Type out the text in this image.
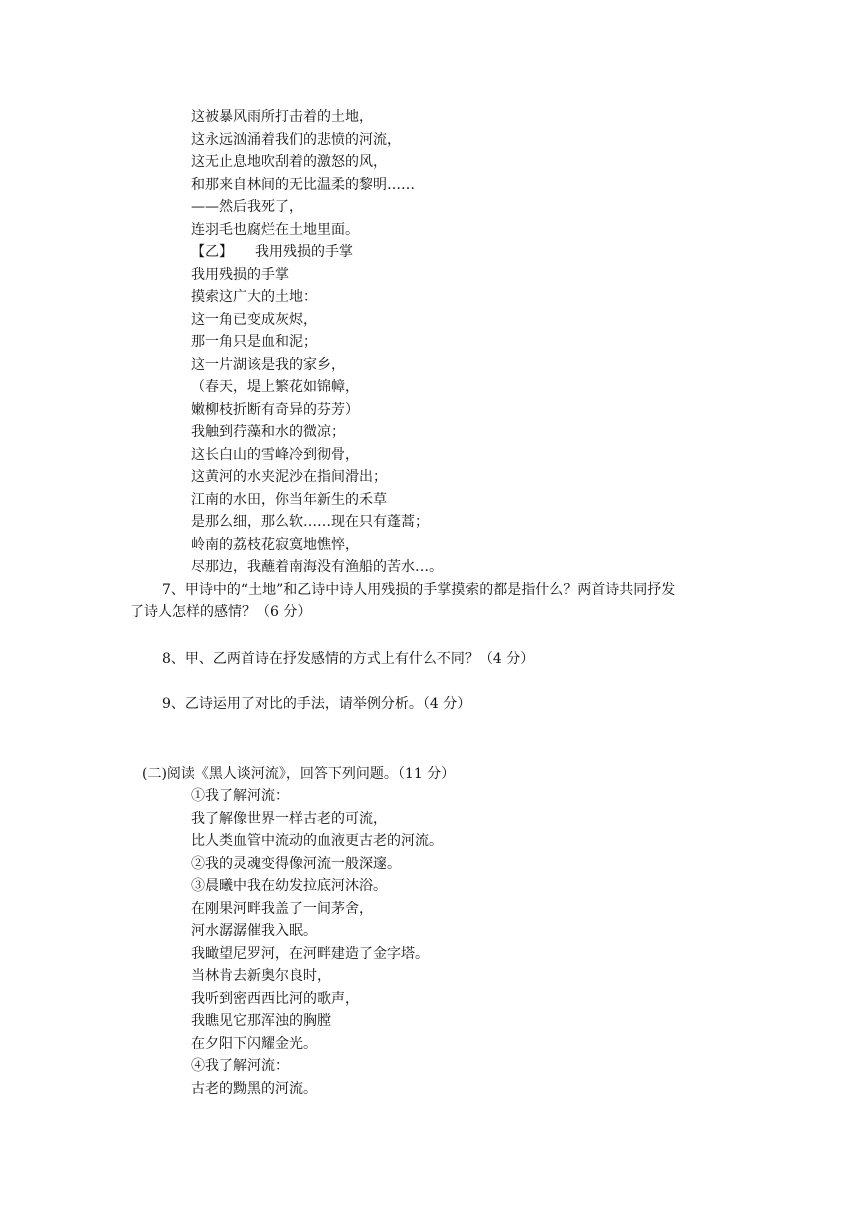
这被暴风雨所打击着的土地，
这永远汹涌着我们的悲愤的河流，
这无止息地吹刮着的激怒的风，
和那来自林间的无比温柔的黎明……
——然后我死了，
连羽毛也腐烂在土地里面。
【乙】 我用残损的手掌
我用残损的手掌
摸索这广大的土地：
这一角已变成灰烬，
那一角只是血和泥；
这一片湖该是我的家乡，
（春天，堤上繁花如锦幛，
嫩柳枝折断有奇异的芬芳）
我触到荇藻和水的微凉；
这长白山的雪峰冷到彻骨，
这黄河的水夹泥沙在指间滑出；
江南的水田，你当年新生的禾草
是那么细，那么软……现在只有蓬蒿；
岭南的荔枝花寂寞地憔悴，
尽那边，我蘸着南海没有渔船的苦水…。
7、甲诗中的“土地”和乙诗中诗人用残损的手掌摸索的都是指什么？两首诗共同抒发
了诗人怎样的感情？（6 分）
8、甲、乙两首诗在抒发感情的方式上有什么不同？（4 分）
9、乙诗运用了对比的手法，请举例分析。（4 分）
(二)阅读《黑人谈河流》，回答下列问题。（11 分）
①我了解河流：
我了解像世界一样古老的可流，
比人类血管中流动的血液更古老的河流。
②我的灵魂变得像河流一般深邃。
③晨曦中我在幼发拉底河沐浴。
在刚果河畔我盖了一间茅舍，
河水潺潺催我入眠。
我瞰望尼罗河，在河畔建造了金字塔。
当林肯去新奥尔良时，
我听到密西西比河的歌声，
我瞧见它那浑浊的胸膛
在夕阳下闪耀金光。
④我了解河流：
古老的黝黑的河流。
